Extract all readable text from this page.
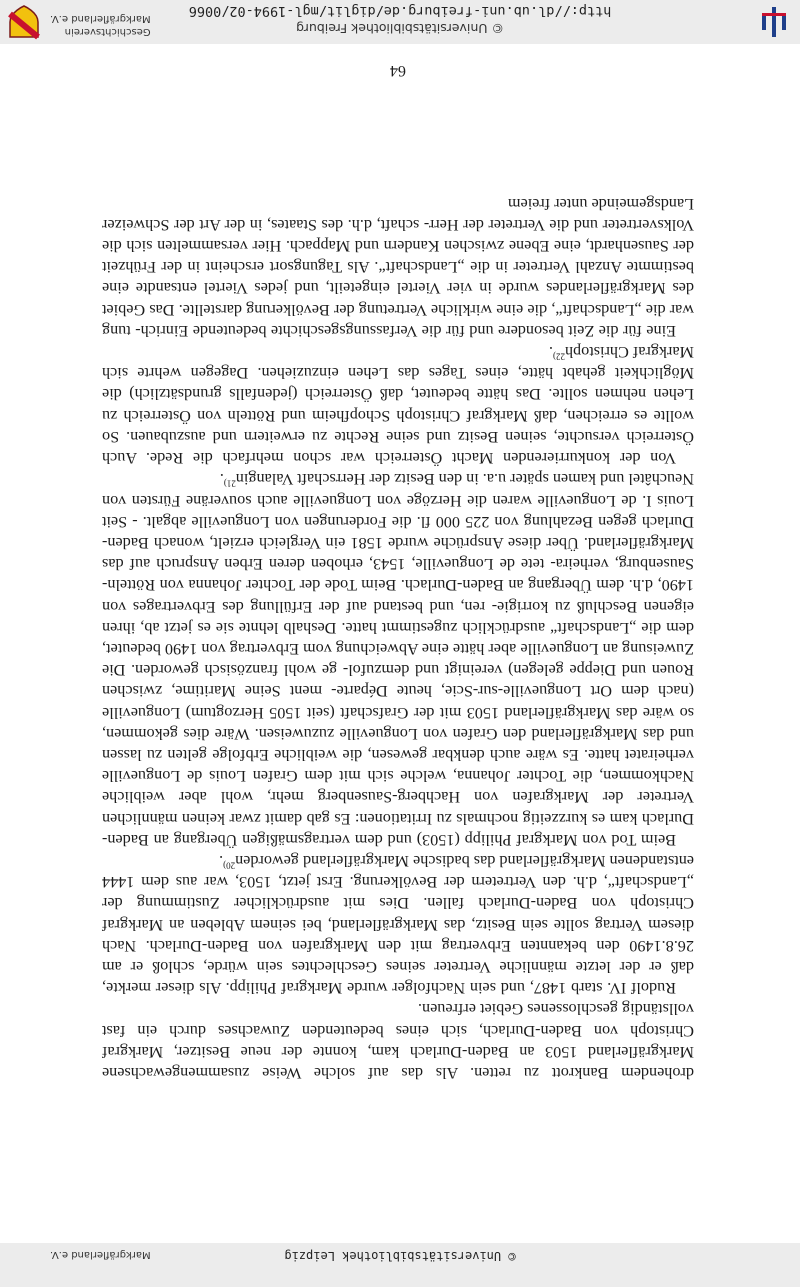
© Universitätsbibliothek Leipzig
Markgräflerland e.V.

drohendem Bankrott zu retten. Als das auf solche Weise zusammengewachsene Markgräflerland 1503 an Baden-Durlach kam, konnte der neue Besitzer, Markgraf Christoph von Baden-Durlach, sich eines bedeutenden Zuwachses durch ein fast vollständig geschlossenes Gebiet erfreuen.

Rudolf IV. starb 1487, und sein Nachfolger wurde Markgraf Philipp. Als dieser merkte, daß er der letzte männliche Vertreter seines Geschlechtes sein würde, schloß er am 26.8.1490 den bekannten Erbvertrag mit den Markgrafen von Baden-Durlach. Nach diesem Vertrag sollte sein Besitz, das Markgräflerland, bei seinem Ableben an Markgraf Christoph von Baden-Durlach fallen. Dies mit ausdrücklicher Zustimmung der „Landschaft“, d.h. den Vertretern der Bevölkerung. Erst jetzt, 1503, war aus dem 1444 entstandenen Markgräflerland das badische Markgräflerland geworden$^{20)}$.

Beim Tod von Markgraf Philipp (1503) und dem vertragsmäßigen Übergang an Baden-Durlach kam es kurzzeitig nochmals zu Irritationen: Es gab damit zwar keinen männlichen Vertreter der Markgrafen von Hachberg-Sausenberg mehr, wohl aber weibliche Nachkommen, die Tochter Johanna, welche sich mit dem Grafen Louis de Longueville verheiratet hatte. Es wäre auch denkbar gewesen, die weibliche Erbfolge gelten zu lassen und das Markgräflerland den Grafen von Longueville zuzuweisen. Wäre dies gekommen, so wäre das Markgräflerland 1503 mit der Grafschaft (seit 1505 Herzogtum) Longueville (nach dem Ort Longueville-sur-Scie, heute Départe- ment Seine Maritime, zwischen Rouen und Dieppe gelegen) vereinigt und demzufol- ge wohl französisch geworden. Die Zuweisung an Longueville aber hätte eine Abweichung vom Erbvertrag von 1490 bedeutet, dem die „Landschaft“ ausdrücklich zugestimmt hatte. Deshalb lehnte sie es jetzt ab, ihren eigenen Beschluß zu korrigie- ren, und bestand auf der Erfüllung des Erbvertrages von 1490, d.h. dem Übergang an Baden-Durlach. Beim Tode der Tochter Johanna von Rötteln-Sausenburg, verheira- tete de Longueville, 1543, erhoben deren Erben Anspruch auf das Markgräflerland. Über diese Ansprüche wurde 1581 ein Vergleich erzielt, wonach Baden-Durlach gegen Bezahlung von 225 000 fl. die Forderungen von Longueville abgalt. - Seit Louis I. de Longueville waren die Herzöge von Longueville auch souveräne Fürsten von Neuchâtel und kamen später u.a. in den Besitz der Herrschaft Valangin$^{21)}$.

Von der konkurrierenden Macht Österreich war schon mehrfach die Rede. Auch Österreich versuchte, seinen Besitz und seine Rechte zu erweitern und auszubauen. So wollte es erreichen, daß Markgraf Christoph Schopfheim und Rötteln von Österreich zu Lehen nehmen sollte. Das hätte bedeutet, daß Österreich (jedenfalls grundsätzlich) die Möglichkeit gehabt hätte, eines Tages das Lehen einzuziehen. Dagegen wehrte sich Markgraf Christoph$^{22)}$.

Eine für die Zeit besondere und für die Verfassungsgeschichte bedeutende Einrich- tung war die „Landschaft“, die eine wirkliche Vertretung der Bevölkerung darstellte. Das Gebiet des Markgräflerlandes wurde in vier Viertel eingeteilt, und jedes Viertel entsandte eine bestimmte Anzahl Vertreter in die „Landschaft“. Als Tagungsort erscheint in der Frühzeit der Sausenhardt, eine Ebene zwischen Kandern und Mappach. Hier versammelten sich die Volksvertreter und die Vertreter der Herr- schaft, d.h. des Staates, in der Art der Schweizer Landsgemeinde unter freiem

64
© Universitätsbibliothek Freiburg
http://dl.ub.uni-freiburg.de/diglit/mgl-1994-02/0066
Geschichtsverein
Markgräflerland e.V.
